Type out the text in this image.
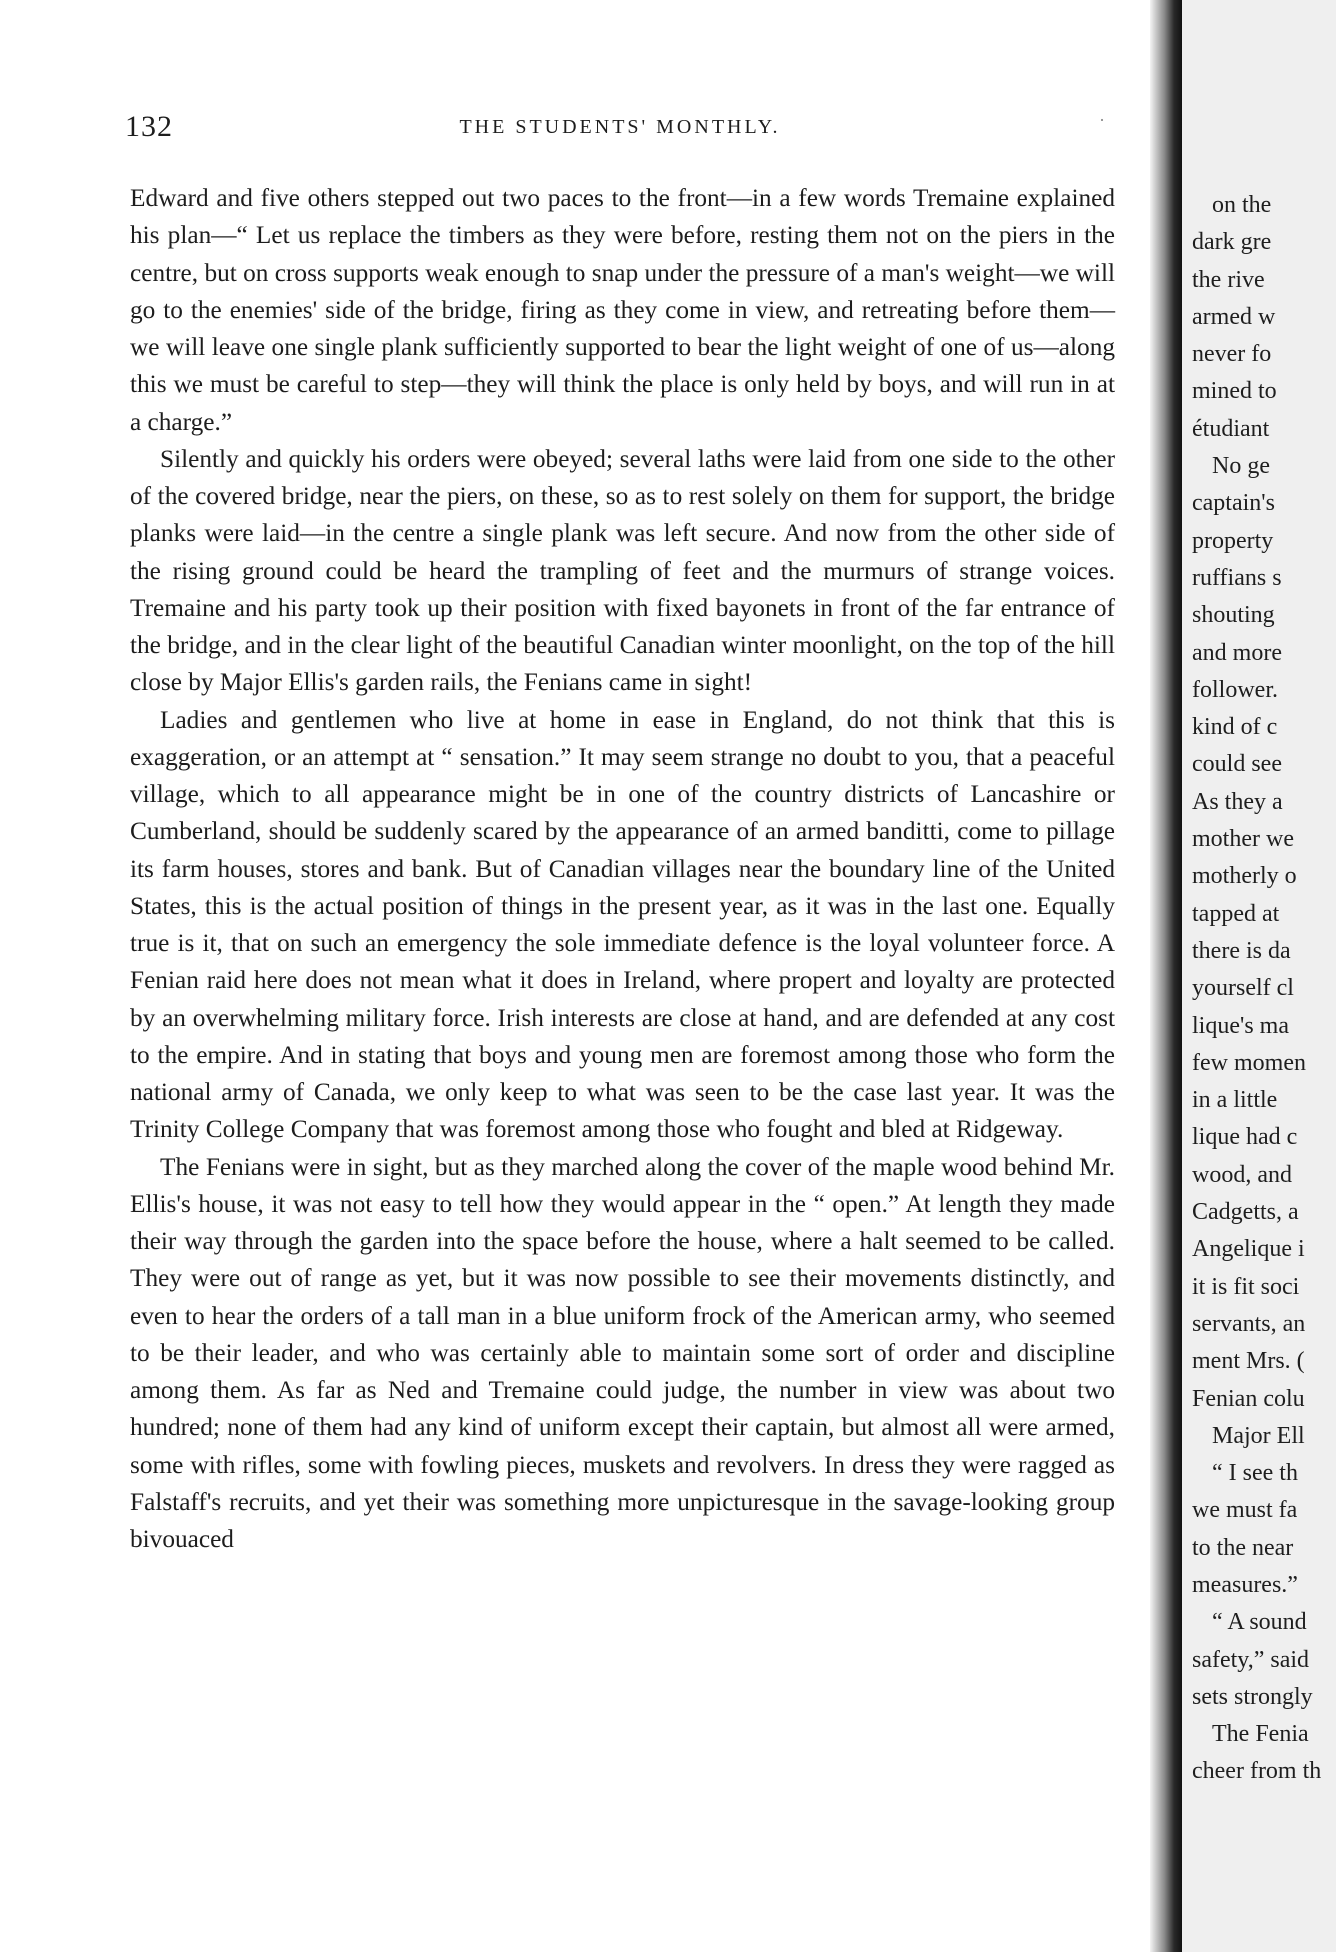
132	THE STUDENTS' MONTHLY.	·

Edward and five others stepped out two paces to the front—in a few words Tremaine explained his plan—“ Let us replace the timbers as they were before, resting them not on the piers in the centre, but on cross supports weak enough to snap under the pressure of a man's weight—we will go to the enemies' side of the bridge, firing as they come in view, and retreating before them—we will leave one single plank sufficiently supported to bear the light weight of one of us—along this we must be careful to step—they will think the place is only held by boys, and will run in at a charge.”

Silently and quickly his orders were obeyed; several laths were laid from one side to the other of the covered bridge, near the piers, on these, so as to rest solely on them for support, the bridge planks were laid—in the centre a single plank was left secure. And now from the other side of the rising ground could be heard the trampling of feet and the murmurs of strange voices. Tremaine and his party took up their position with fixed bayonets in front of the far entrance of the bridge, and in the clear light of the beautiful Canadian winter moonlight, on the top of the hill close by Major Ellis's garden rails, the Fenians came in sight!

Ladies and gentlemen who live at home in ease in England, do not think that this is exaggeration, or an attempt at “ sensation.” It may seem strange no doubt to you, that a peaceful village, which to all appearance might be in one of the country districts of Lancashire or Cumberland, should be suddenly scared by the appearance of an armed banditti, come to pillage its farm houses, stores and bank. But of Canadian villages near the boundary line of the United States, this is the actual position of things in the present year, as it was in the last one. Equally true is it, that on such an emergency the sole immediate defence is the loyal volunteer force. A Fenian raid here does not mean what it does in Ireland, where propert and loyalty are protected by an overwhelming military force. Irish interests are close at hand, and are defended at any cost to the empire. And in stating that boys and young men are foremost among those who form the national army of Canada, we only keep to what was seen to be the case last year. It was the Trinity College Company that was foremost among those who fought and bled at Ridgeway.

The Fenians were in sight, but as they marched along the cover of the maple wood behind Mr. Ellis's house, it was not easy to tell how they would appear in the “ open.” At length they made their way through the garden into the space before the house, where a halt seemed to be called. They were out of range as yet, but it was now possible to see their movements distinctly, and even to hear the orders of a tall man in a blue uniform frock of the American army, who seemed to be their leader, and who was certainly able to maintain some sort of order and discipline among them. As far as Ned and Tremaine could judge, the number in view was about two hundred; none of them had any kind of uniform except their captain, but almost all were armed, some with rifles, some with fowling pieces, muskets and revolvers. In dress they were ragged as Falstaff's recruits, and yet their was something more unpicturesque in the savage-looking group bivouaced

on the
dark gre
the rive
armed w
never fo
mined to
étudiant
No ge
captain's
property
ruffians s
shouting
and more
follower.
kind of c
could see
As they a
mother we
motherly o
tapped at
there is da
yourself cl
lique's ma
few momen
in a little
lique had c
wood, and
Cadgetts, a
Angelique i
it is fit soci
servants, an
ment Mrs. (
Fenian colu
Major Ell
“ I see th
we must fa
to the near
measures.”
“ A sound
safety,” said
sets strongly
The Fenia
cheer from th
